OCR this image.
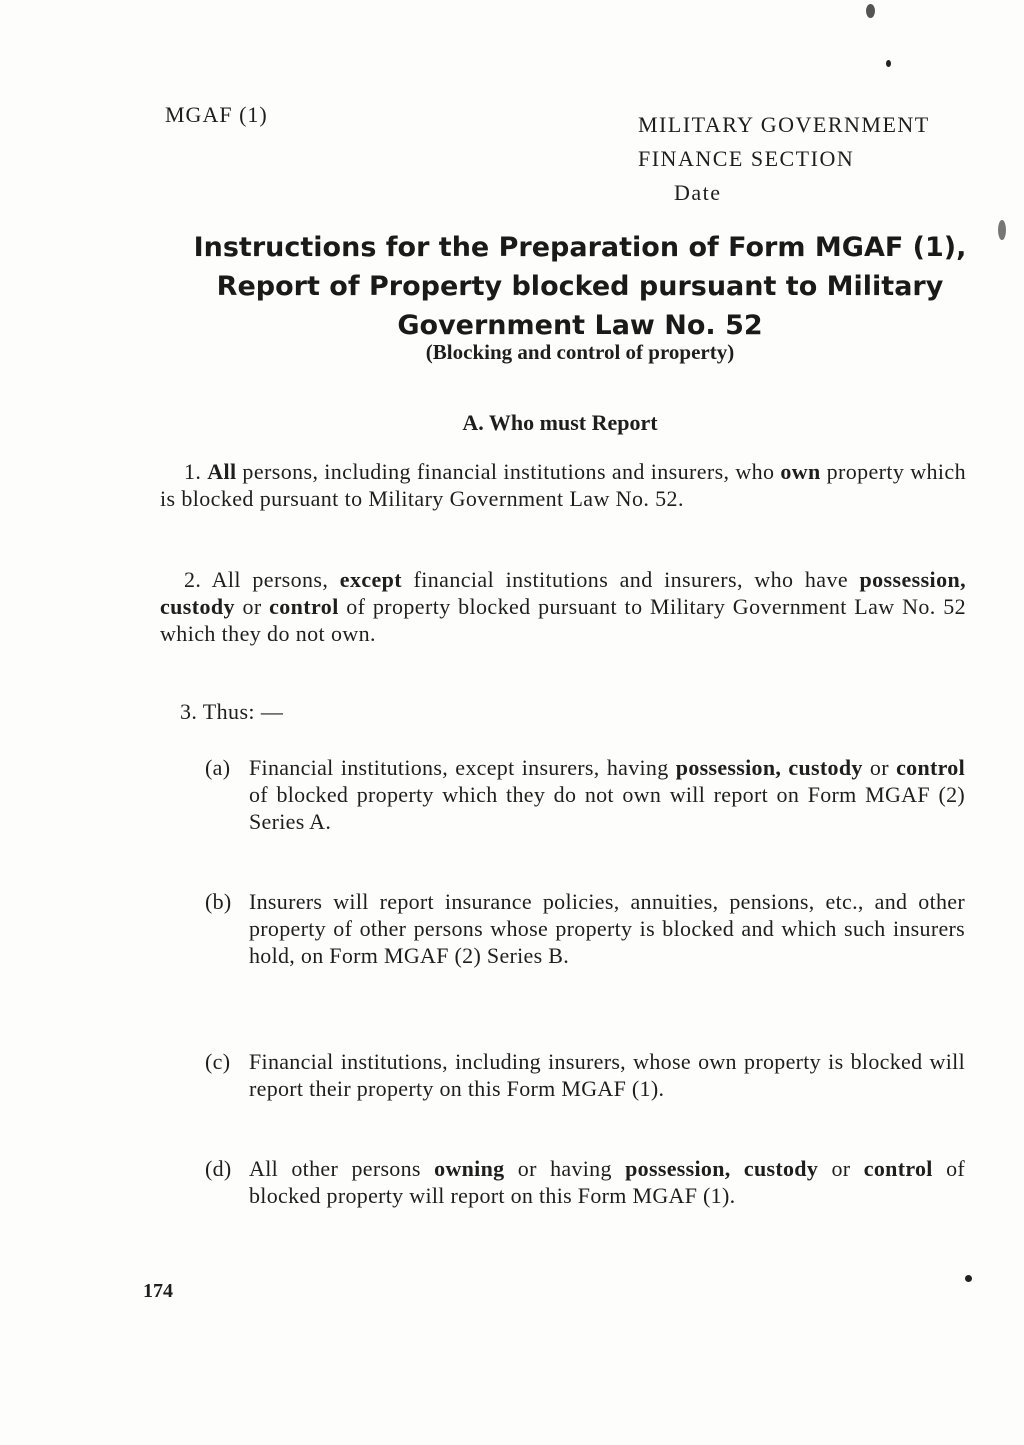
MGAF (1)	MILITARY GOVERNMENT
FINANCE SECTION
Date
Instructions for the Preparation of Form MGAF (1),
Report of Property blocked pursuant to Military
Government Law No. 52
(Blocking and control of property)
A. Who must Report
1. All persons, including financial institutions and insurers, who own property which is blocked pursuant to Military Government Law No. 52.
2. All persons, except financial institutions and insurers, who have possession, custody or control of property blocked pursuant to Military Government Law No. 52 which they do not own.
3. Thus: —
(a) Financial institutions, except insurers, having possession, custody or control of blocked property which they do not own will report on Form MGAF (2) Series A.
(b) Insurers will report insurance policies, annuities, pensions, etc., and other property of other persons whose property is blocked and which such insurers hold, on Form MGAF (2) Series B.
(c) Financial institutions, including insurers, whose own property is blocked will report their property on this Form MGAF (1).
(d) All other persons owning or having possession, custody or control of blocked property will report on this Form MGAF (1).
174
